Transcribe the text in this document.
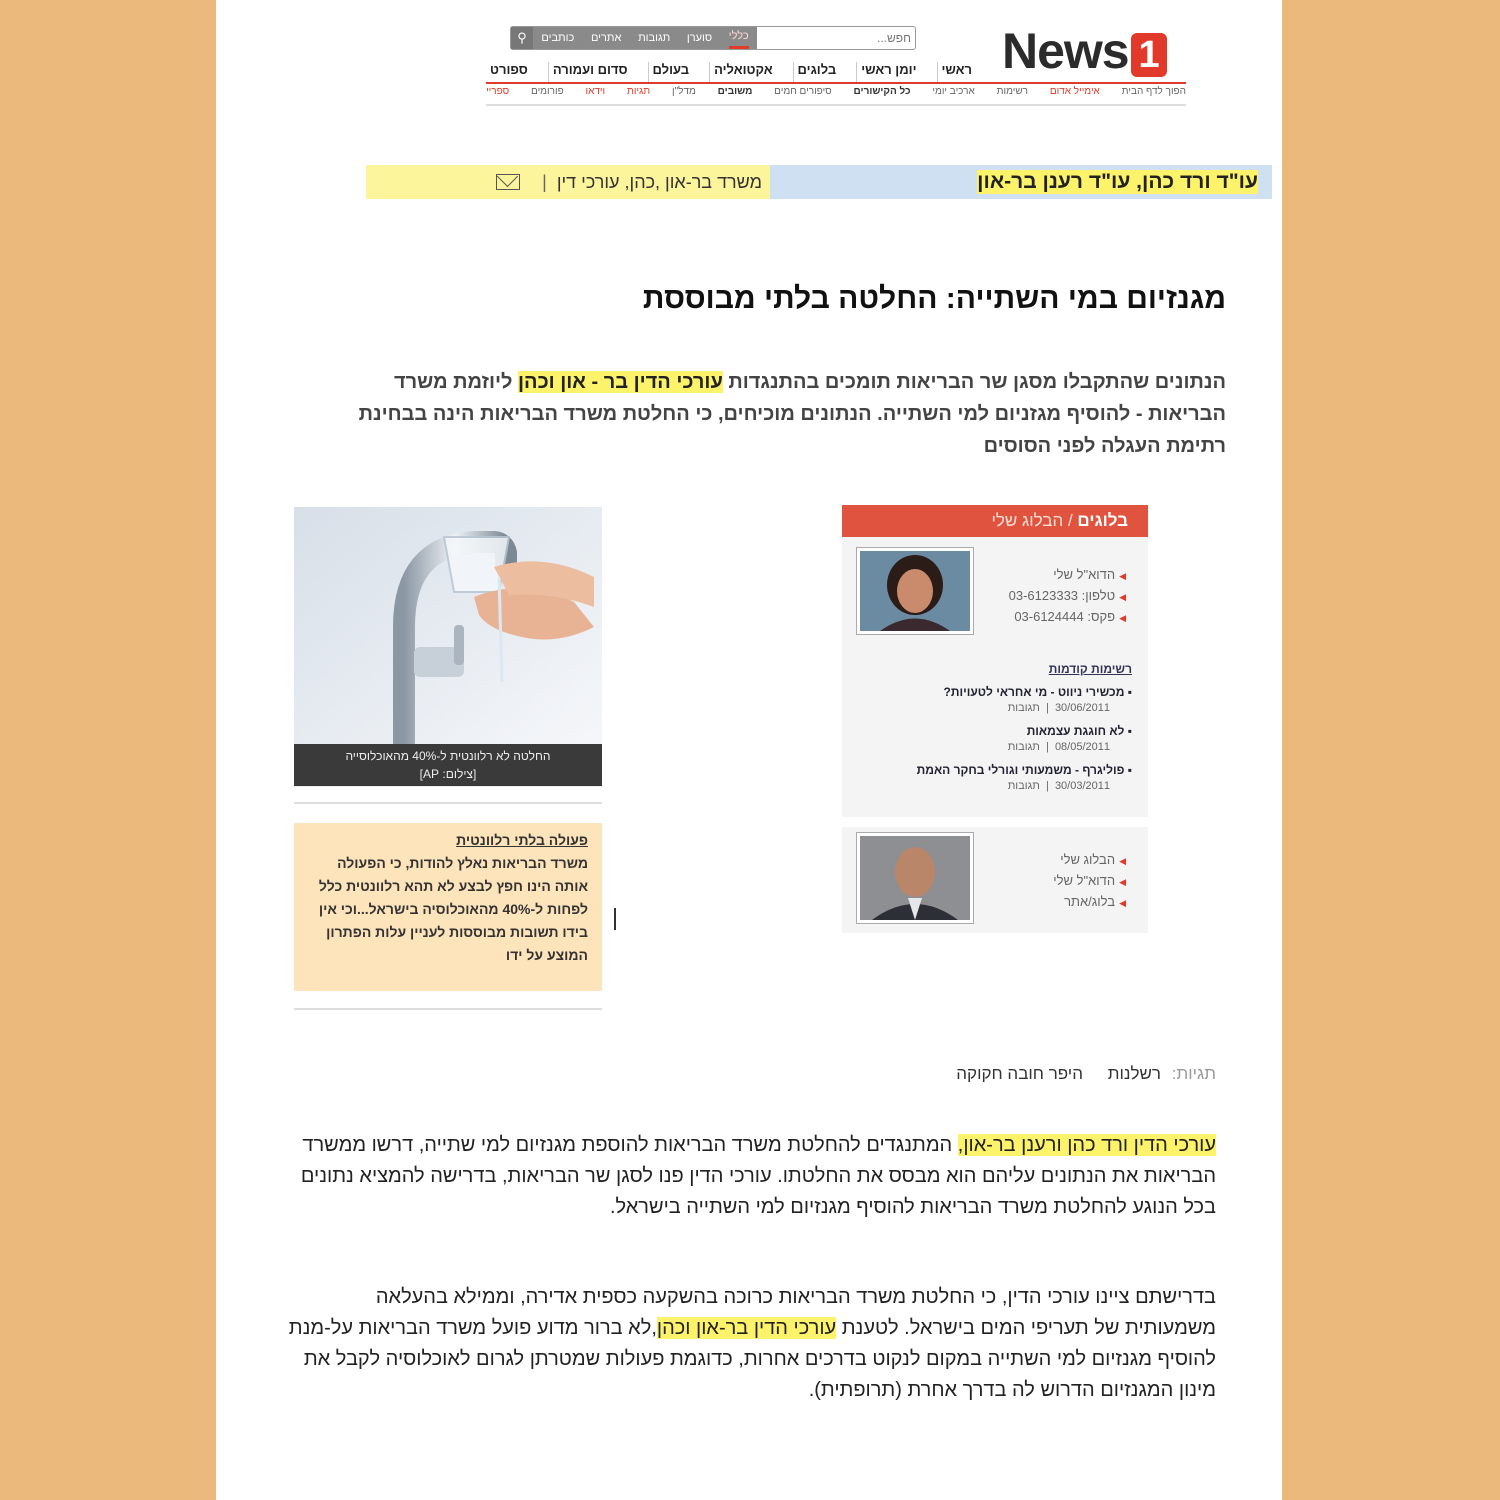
News 1
⚲	כללי
סוערן
תגובות
אתרים
כותבים
חפש...
ראשי
יומן ראשי
בלוגים
אקטואליה
בעולם
סדום ועמורה
ספורט
הפוך לדף הבית
אימייל אדום
רשימות
ארכיב יומי
כל הקישורים
סיפורים חמים
משובים
מדל"ן
תגיות
וידאו
פורומים
ספריי
משרד בר-און ,כהן, עורכי דין
|	עו"ד ורד כהן, עו"ד רענן בר-און
מגנזיום במי השתייה: החלטה בלתי מבוססת
הנתונים שהתקבלו מסגן שר הבריאות תומכים בהתנגדות עורכי הדין בר - און וכהן ליוזמת משרד הבריאות - להוסיף מגזניום למי השתייה. הנתונים מוכיחים, כי החלטת משרד הבריאות הינה בבחינת רתימת העגלה לפני הסוסים
החלטה לא רלוונטית ל-40% מהאוכלוסייה
[צילום: AP]
פעולה בלתי רלוונטית
משרד הבריאות נאלץ להודות, כי הפעולה אותה הינו חפץ לבצע לא תהא רלוונטית כלל לפחות ל-40% מהאוכלוסיה בישראל...וכי אין בידו תשובות מבוססות לעניין עלות הפתרון המוצע על ידו
בלוגים / הבלוג שלי
◀הדוא"ל שלי
◀טלפון: 03-6123333
◀פקס: 03-6124444
רשימות קודמות
▪ מכשירי ניווט - מי אחראי לטעויות?
30/06/2011  |  תגובות
▪ לא חוגגת עצמאות
08/05/2011  |  תגובות
▪ פוליגרף - משמעותי וגורלי בחקר האמת
30/03/2011  |  תגובות
◀הבלוג שלי
◀הדוא"ל שלי
◀בלוג/אתר
תגיות: רשלנות היפר חובה חקוקה
עורכי הדין ורד כהן ורענן בר-און, המתנגדים להחלטת משרד הבריאות להוספת מגנזיום למי שתייה, דרשו ממשרד הבריאות את הנתונים עליהם הוא מבסס את החלטתו. עורכי הדין פנו לסגן שר הבריאות, בדרישה להמציא נתונים בכל הנוגע להחלטת משרד הבריאות להוסיף מגנזיום למי השתייה בישראל.
בדרישתם ציינו עורכי הדין, כי החלטת משרד הבריאות כרוכה בהשקעה כספית אדירה, וממילא בהעלאה משמעותית של תעריפי המים בישראל. לטענת עורכי הדין בר-און וכהן,לא ברור מדוע פועל משרד הבריאות על-מנת להוסיף מגנזיום למי השתייה במקום לנקוט בדרכים אחרות, כדוגמת פעולות שמטרתן לגרום לאוכלוסיה לקבל את מינון המגנזיום הדרוש לה בדרך אחרת (תרופתית).
